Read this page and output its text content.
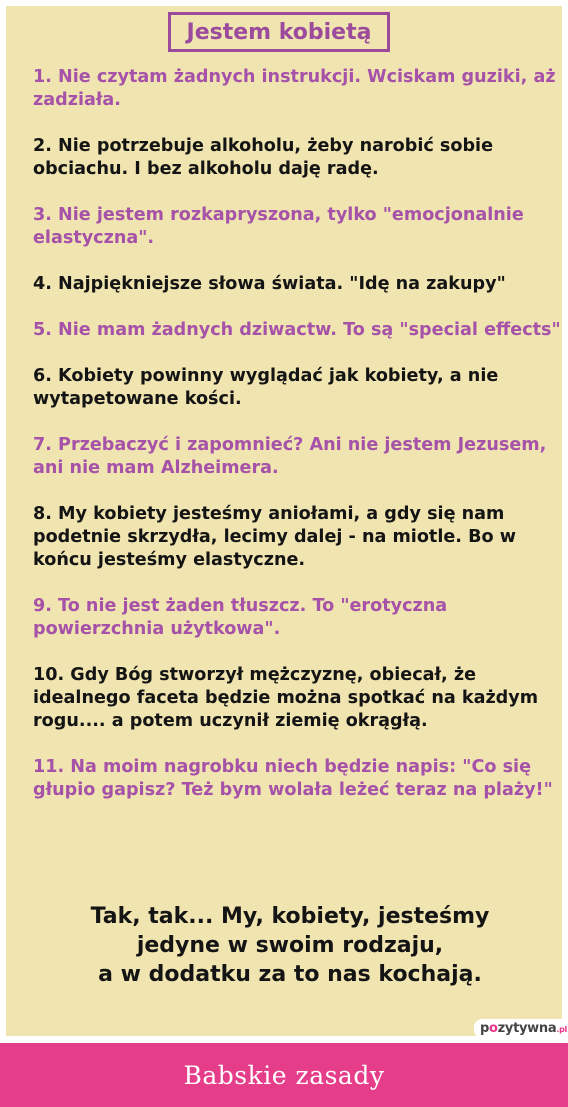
Jestem kobietą
1. Nie czytam żadnych instrukcji. Wciskam guziki, aż zadziała.
2. Nie potrzebuje alkoholu, żeby narobić sobie obciachu. I bez alkoholu daję radę.
3. Nie jestem rozkapryszona, tylko "emocjonalnie elastyczna".
4. Najpiękniejsze słowa świata. "Idę na zakupy"
5. Nie mam żadnych dziwactw. To są "special effects"
6. Kobiety powinny wyglądać jak kobiety, a nie wytapetowane kości.
7. Przebaczyć i zapomnieć? Ani nie jestem Jezusem, ani nie mam Alzheimera.
8. My kobiety jesteśmy aniołami, a gdy się nam podetnie skrzydła, lecimy dalej - na miotle. Bo w końcu jesteśmy elastyczne.
9. To nie jest żaden tłuszcz. To "erotyczna powierzchnia użytkowa".
10. Gdy Bóg stworzył mężczyznę, obiecał, że idealnego faceta będzie można spotkać na każdym rogu.... a potem uczynił ziemię okrągłą.
11. Na moim nagrobku niech będzie napis: "Co się głupio gapisz? Też bym wolała leżeć teraz na plaży!"
Tak, tak... My, kobiety, jesteśmy
jedyne w swoim rodzaju,
a w dodatku za to nas kochają.
pozytywna.pl
Babskie zasady
